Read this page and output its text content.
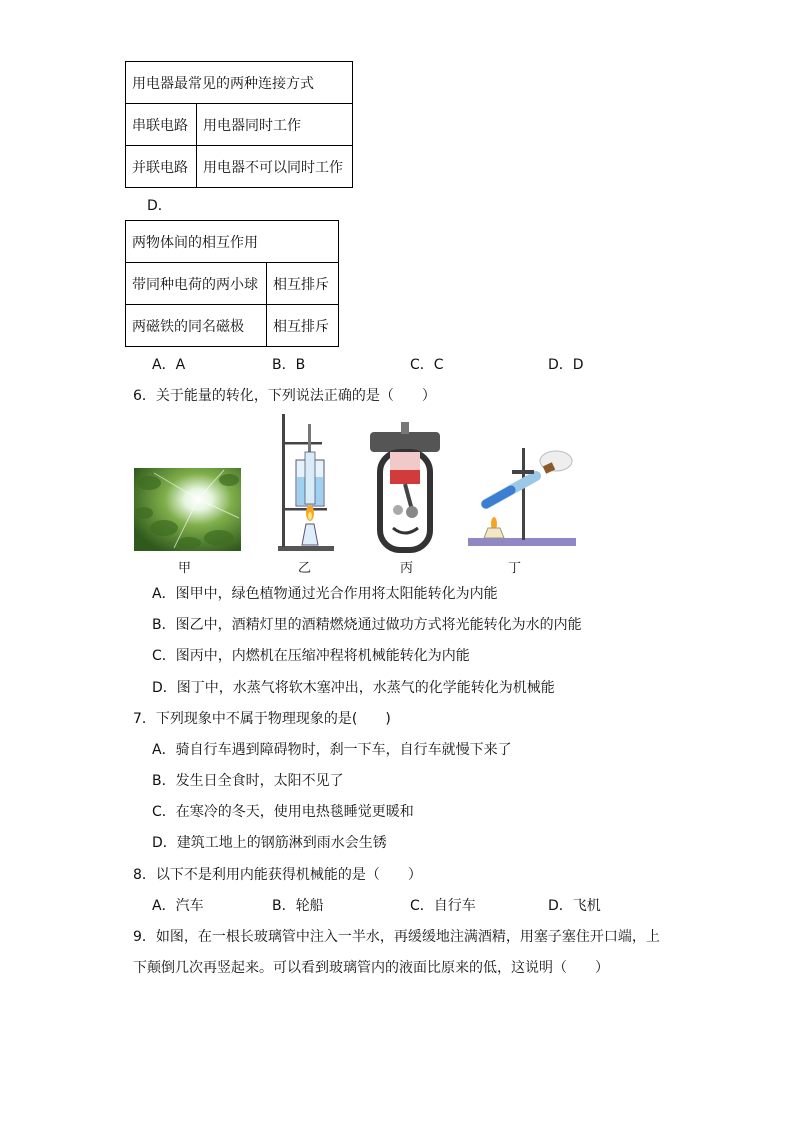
用电器最常见的两种连接方式	
串联电路	用电器同时工作
并联电路	用电器不可以同时工作
D．
两物体间的相互作用	
带同种电荷的两小球	相互排斥
两磁铁的同名磁极	相互排斥
A．A	B．B	C．C	D．D
6．关于能量的转化，下列说法正确的是（　　）
甲	乙	丙	丁
A．图甲中，绿色植物通过光合作用将太阳能转化为内能
B．图乙中，酒精灯里的酒精燃烧通过做功方式将光能转化为水的内能
C．图丙中，内燃机在压缩冲程将机械能转化为内能
D．图丁中，水蒸气将软木塞冲出，水蒸气的化学能转化为机械能
7．下列现象中不属于物理现象的是(　　)
A．骑自行车遇到障碍物时，刹一下车，自行车就慢下来了
B．发生日全食时，太阳不见了
C．在寒冷的冬天，使用电热毯睡觉更暖和
D．建筑工地上的钢筋淋到雨水会生锈
8．以下不是利用内能获得机械能的是（　　）
A．汽车	B．轮船	C．自行车	D．飞机
9．如图，在一根长玻璃管中注入一半水，再缓缓地注满酒精，用塞子塞住开口端，上
下颠倒几次再竖起来。可以看到玻璃管内的液面比原来的低，这说明（　　）
